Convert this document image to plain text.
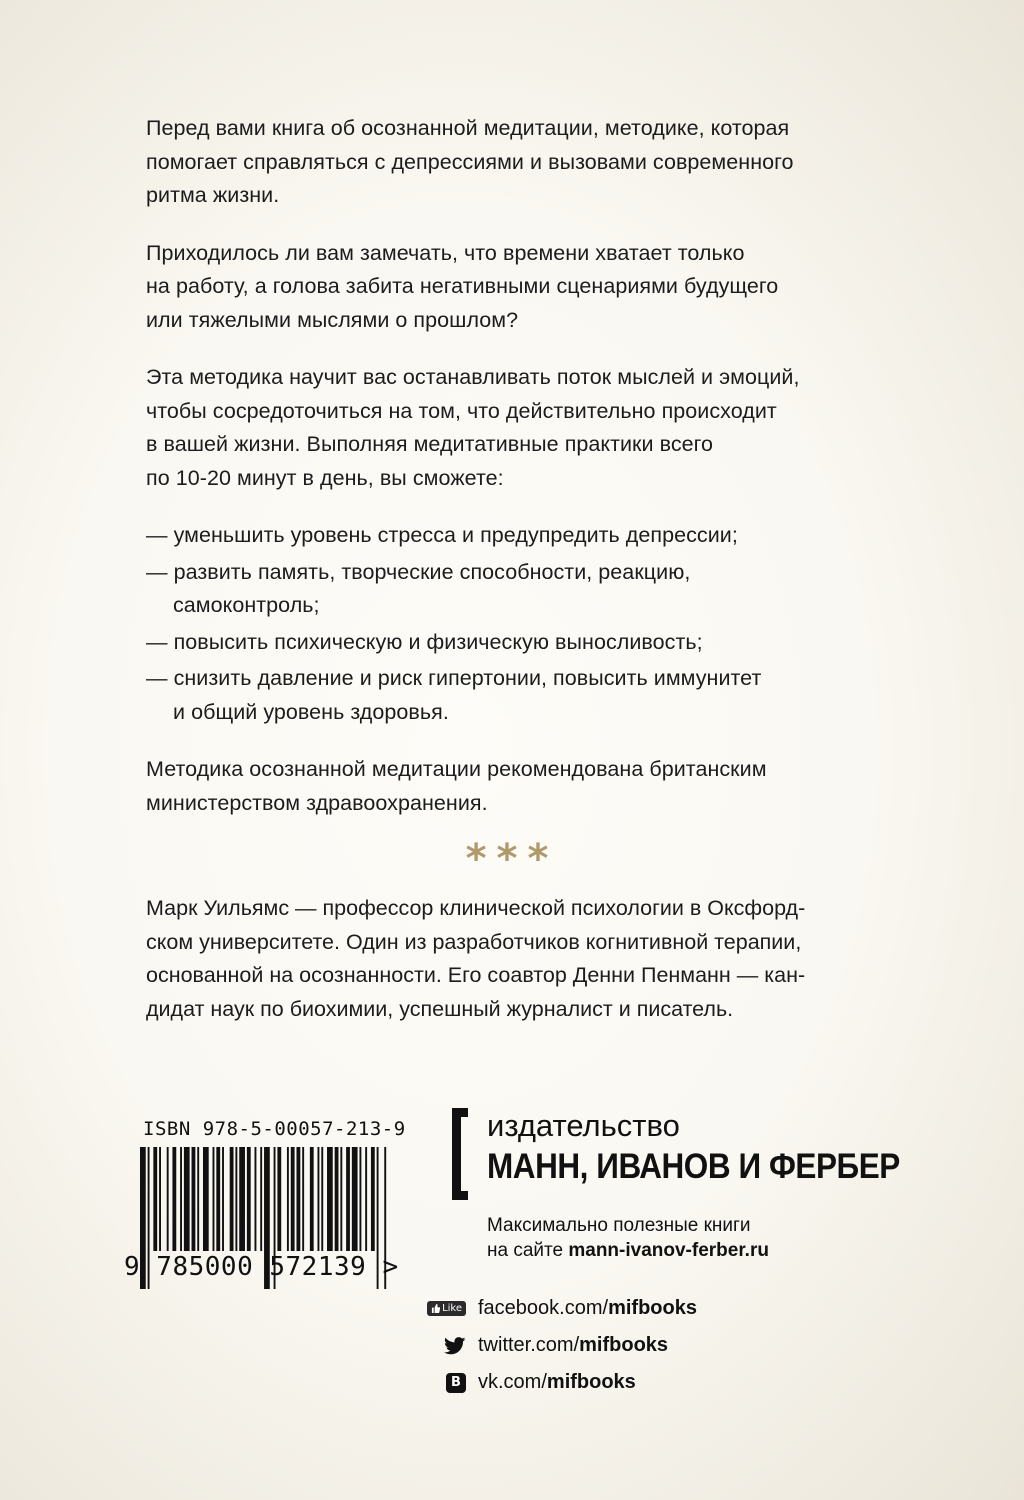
Перед вами книга об осознанной медитации, методике, которая
помогает справляться с депрессиями и вызовами современного
ритма жизни.

Приходилось ли вам замечать, что времени хватает только
на работу, а голова забита негативными сценариями будущего
или тяжелыми мыслями о прошлом?

Эта методика научит вас останавливать поток мыслей и эмоций,
чтобы сосредоточиться на том, что действительно происходит
в вашей жизни. Выполняя медитативные практики всего
по 10-20 минут в день, вы сможете:

— уменьшить уровень стресса и предупредить депрессии;
— развить память, творческие способности, реакцию,
самоконтроль;
— повысить психическую и физическую выносливость;
— снизить давление и риск гипертонии, повысить иммунитет
и общий уровень здоровья.

Методика осознанной медитации рекомендована британским
министерством здравоохранения.

***

Марк Уильямс — профессор клинической психологии в Оксфорд-
ском университете. Один из разработчиков когнитивной терапии,
основанной на осознанности. Его соавтор Денни Пенманн — кан-
дидат наук по биохимии, успешный журналист и писатель.

ISBN 978-5-00057-213-9
9 785000 572139 >
издательство
МАНН, ИВАНОВ И ФЕРБЕР
Максимально полезные книги
на сайте mann-ivanov-ferber.ru
Like facebook.com/mifbooks
twitter.com/mifbooks
В vk.com/mifbooks
